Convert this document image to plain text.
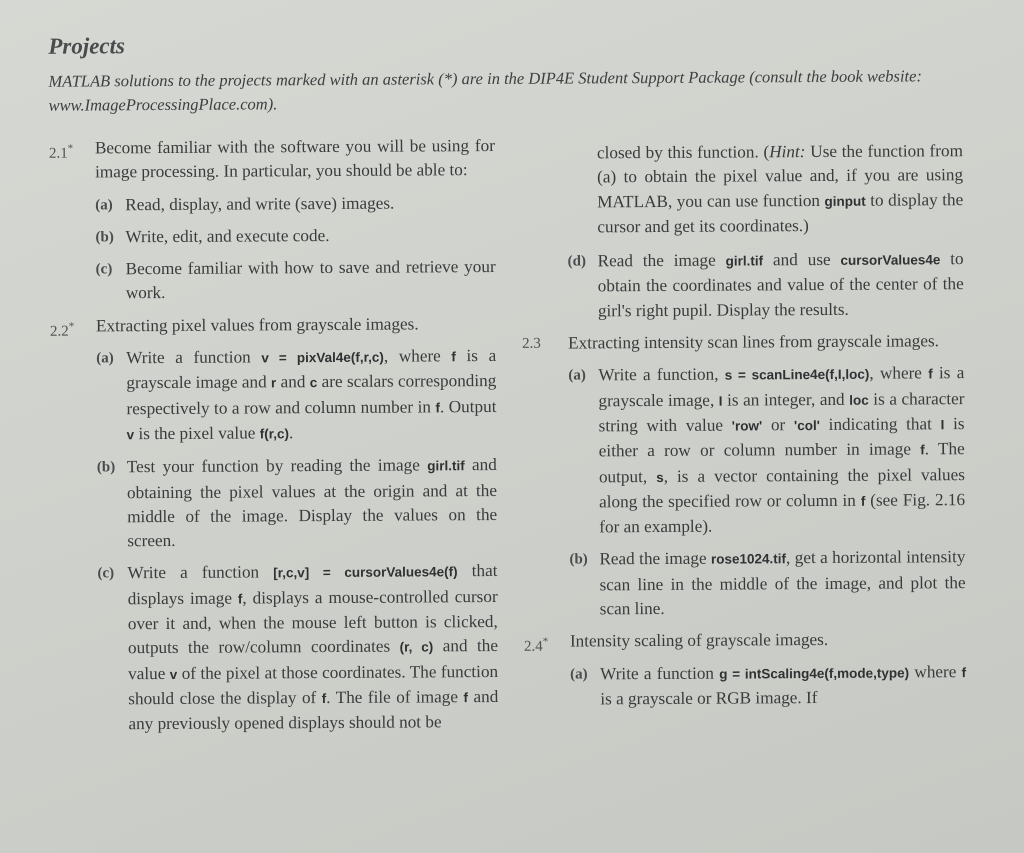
Projects
MATLAB solutions to the projects marked with an asterisk (*) are in the DIP4E Student Support Package (consult the book website: www.ImageProcessingPlace.com).
2.1* Become familiar with the software you will be using for image processing. In particular, you should be able to:
(a) Read, display, and write (save) images.
(b) Write, edit, and execute code.
(c) Become familiar with how to save and retrieve your work.
2.2* Extracting pixel values from grayscale images.
(a) Write a function v = pixVal4e(f,r,c), where f is a grayscale image and r and c are scalars corresponding respectively to a row and column number in f. Output v is the pixel value f(r,c).
(b) Test your function by reading the image girl.tif and obtaining the pixel values at the origin and at the middle of the image. Display the values on the screen.
(c) Write a function [r,c,v] = cursorValues4e(f) that displays image f, displays a mouse-controlled cursor over it and, when the mouse left button is clicked, outputs the row/column coordinates (r, c) and the value v of the pixel at those coordinates. The function should close the display of f. The file of image f and any previously opened displays should not be
closed by this function. (Hint: Use the function from (a) to obtain the pixel value and, if you are using MATLAB, you can use function ginput to display the cursor and get its coordinates.)
(d) Read the image girl.tif and use cursorValues4e to obtain the coordinates and value of the center of the girl's right pupil. Display the results.
2.3 Extracting intensity scan lines from grayscale images.
(a) Write a function, s = scanLine4e(f,I,loc), where f is a grayscale image, I is an integer, and loc is a character string with value 'row' or 'col' indicating that I is either a row or column number in image f. The output, s, is a vector containing the pixel values along the specified row or column in f (see Fig. 2.16 for an example).
(b) Read the image rose1024.tif, get a horizontal intensity scan line in the middle of the image, and plot the scan line.
2.4* Intensity scaling of grayscale images.
(a) Write a function g = intScaling4e(f,mode,type) where f is a grayscale or RGB image. If
